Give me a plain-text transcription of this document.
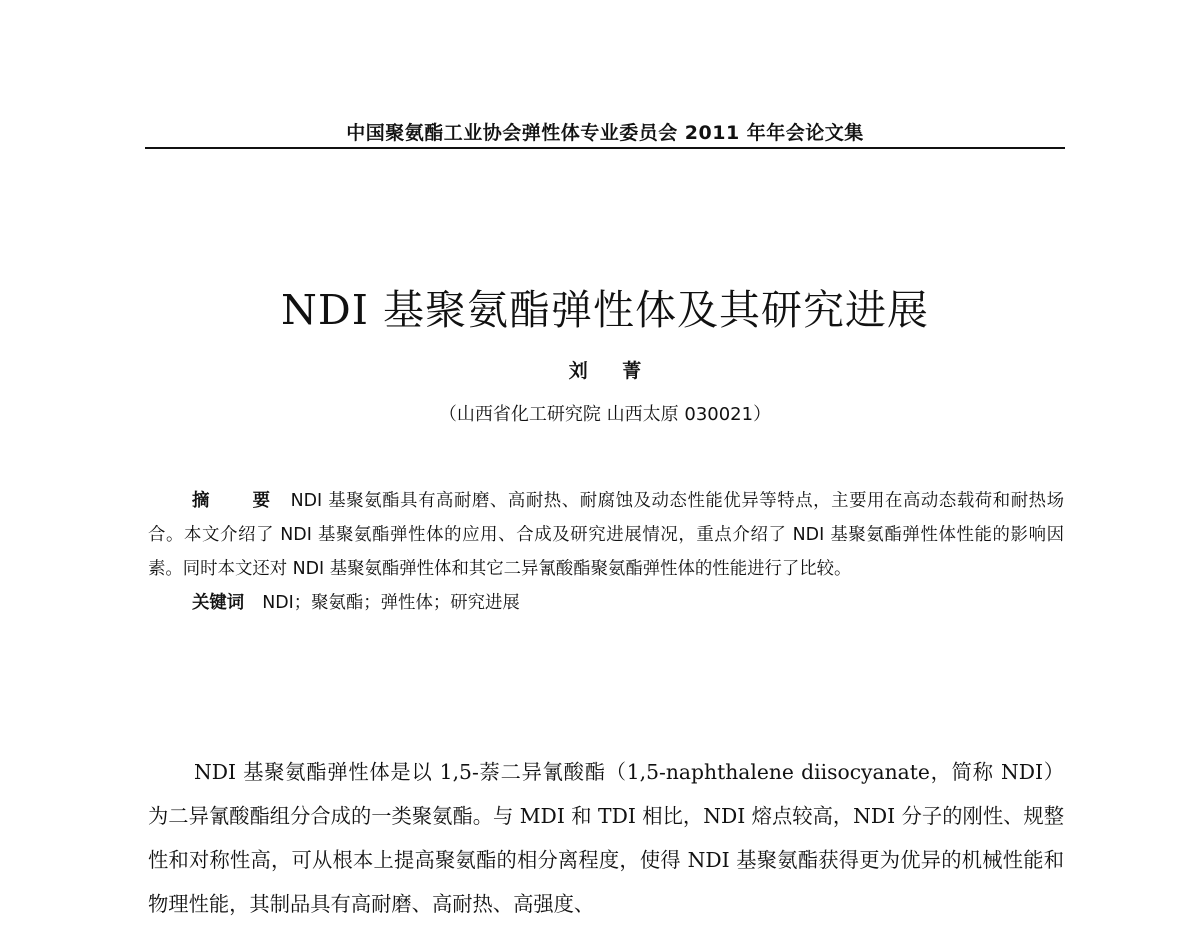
中国聚氨酯工业协会弹性体专业委员会 2011 年年会论文集
NDI 基聚氨酯弹性体及其研究进展
刘 菁
（山西省化工研究院 山西太原 030021）

摘 要 NDI 基聚氨酯具有高耐磨、高耐热、耐腐蚀及动态性能优异等特点，主要用在高动态载荷和耐热场合。本文介绍了 NDI 基聚氨酯弹性体的应用、合成及研究进展情况，重点介绍了 NDI 基聚氨酯弹性体性能的影响因素。同时本文还对 NDI 基聚氨酯弹性体和其它二异氰酸酯聚氨酯弹性体的性能进行了比较。

关键词 NDI；聚氨酯；弹性体；研究进展

NDI 基聚氨酯弹性体是以 1,5-萘二异氰酸酯（1,5-naphthalene diisocyanate，简称 NDI）为二异氰酸酯组分合成的一类聚氨酯。与 MDI 和 TDI 相比，NDI 熔点较高，NDI 分子的刚性、规整性和对称性高，可从根本上提高聚氨酯的相分离程度，使得 NDI 基聚氨酯获得更为优异的机械性能和物理性能，其制品具有高耐磨、高耐热、高强度、
